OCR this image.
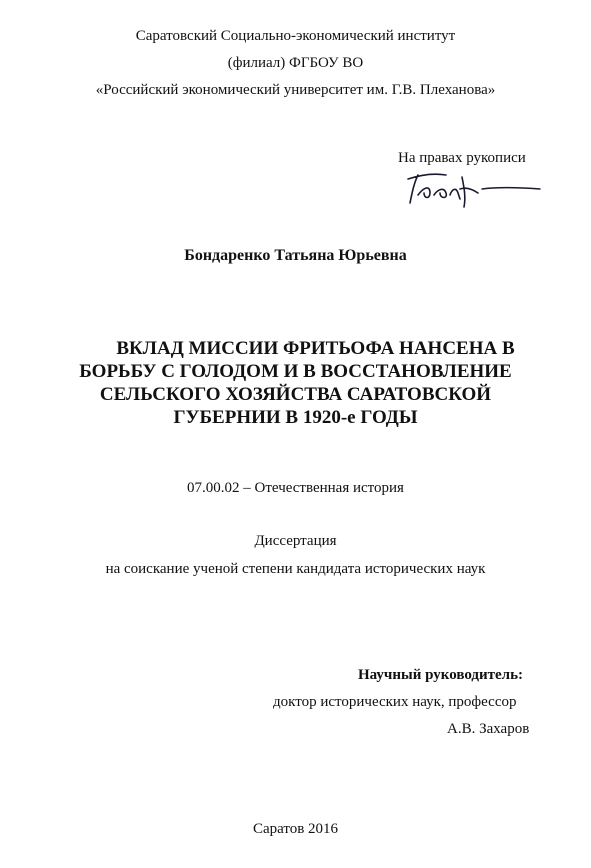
Саратовский Социально-экономический институт
(филиал) ФГБОУ ВО
«Российский экономический университет им. Г.В. Плеханова»
На правах рукописи
Бондаренко Татьяна Юрьевна
ВКЛАД МИССИИ ФРИТЬОФА НАНСЕНА В
БОРЬБУ С ГОЛОДОМ И В ВОССТАНОВЛЕНИЕ
СЕЛЬСКОГО ХОЗЯЙСТВА САРАТОВСКОЙ
ГУБЕРНИИ В 1920-е ГОДЫ
07.00.02 – Отечественная история
Диссертация
на соискание ученой степени кандидата исторических наук
Научный руководитель:
доктор исторических наук, профессор
А.В. Захаров
Саратов 2016
